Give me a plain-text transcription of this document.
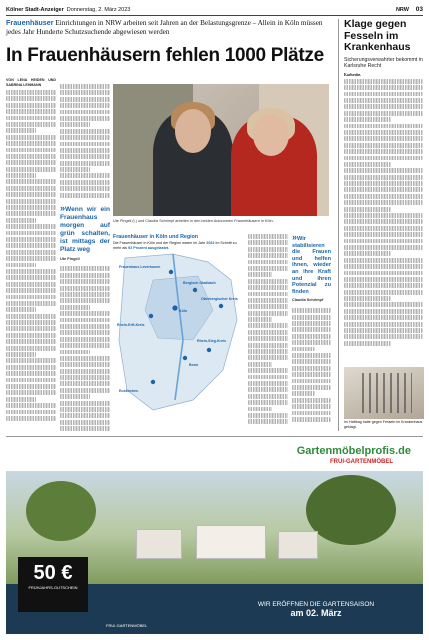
Kölner Stadt-Anzeiger Donnerstag, 2. März 2023	NRW 03
Frauenhäuser Einrichtungen in NRW arbeiten seit Jahren an der Belastungsgrenze – Allein in Köln müssen jedes Jahr Hunderte Schutzsuchende abgewiesen werden
In Frauenhäusern fehlen 1000 Plätze
VON LENA HEIDEN UND SABRINA LEHMANN
»Wenn wir ein Frauenhaus morgen auf grün schalten, ist mittags der Platz weg
Ute Pingell
Ute Pingell (l.) und Claudia Schrimpf arbeiten in den beiden Autonomen Frauenhäusern in Köln.
Frauenhäuser in Köln und Region
Die Frauenhäuser in Köln und der Region waren im Jahr 2022 im Schnitt zu mehr als 92 Prozent ausgelastet.
Frauenhaus Leverkusen
Bergisch Gladbach
Köln
Rhein-Erft-Kreis
Bonn
Euskirchen
Rhein-Sieg-Kreis
Oberbergischer Kreis
»Wir stabilisieren die Frauen und helfen ihnen, wieder an ihre Kraft und ihren Potenzial zu finden
Claudia Schrimpf
Klage gegen Fesseln im Krankenhaus
Sicherungsverwahrter bekommt in Karlsruhe Recht
Karlsruhe.
Im Hafttrag hatte gegen Fesseln im Krankenhaus geklagt.
Gartenmöbelprofis.de
FRUI-GARTENMÖBEL
FRUI-GARTENMÖBEL
WIR ERÖFFNEN DIE GARTENSAISON
am 02. März
50 €
FRÜHJAHRS-GUTSCHEIN
